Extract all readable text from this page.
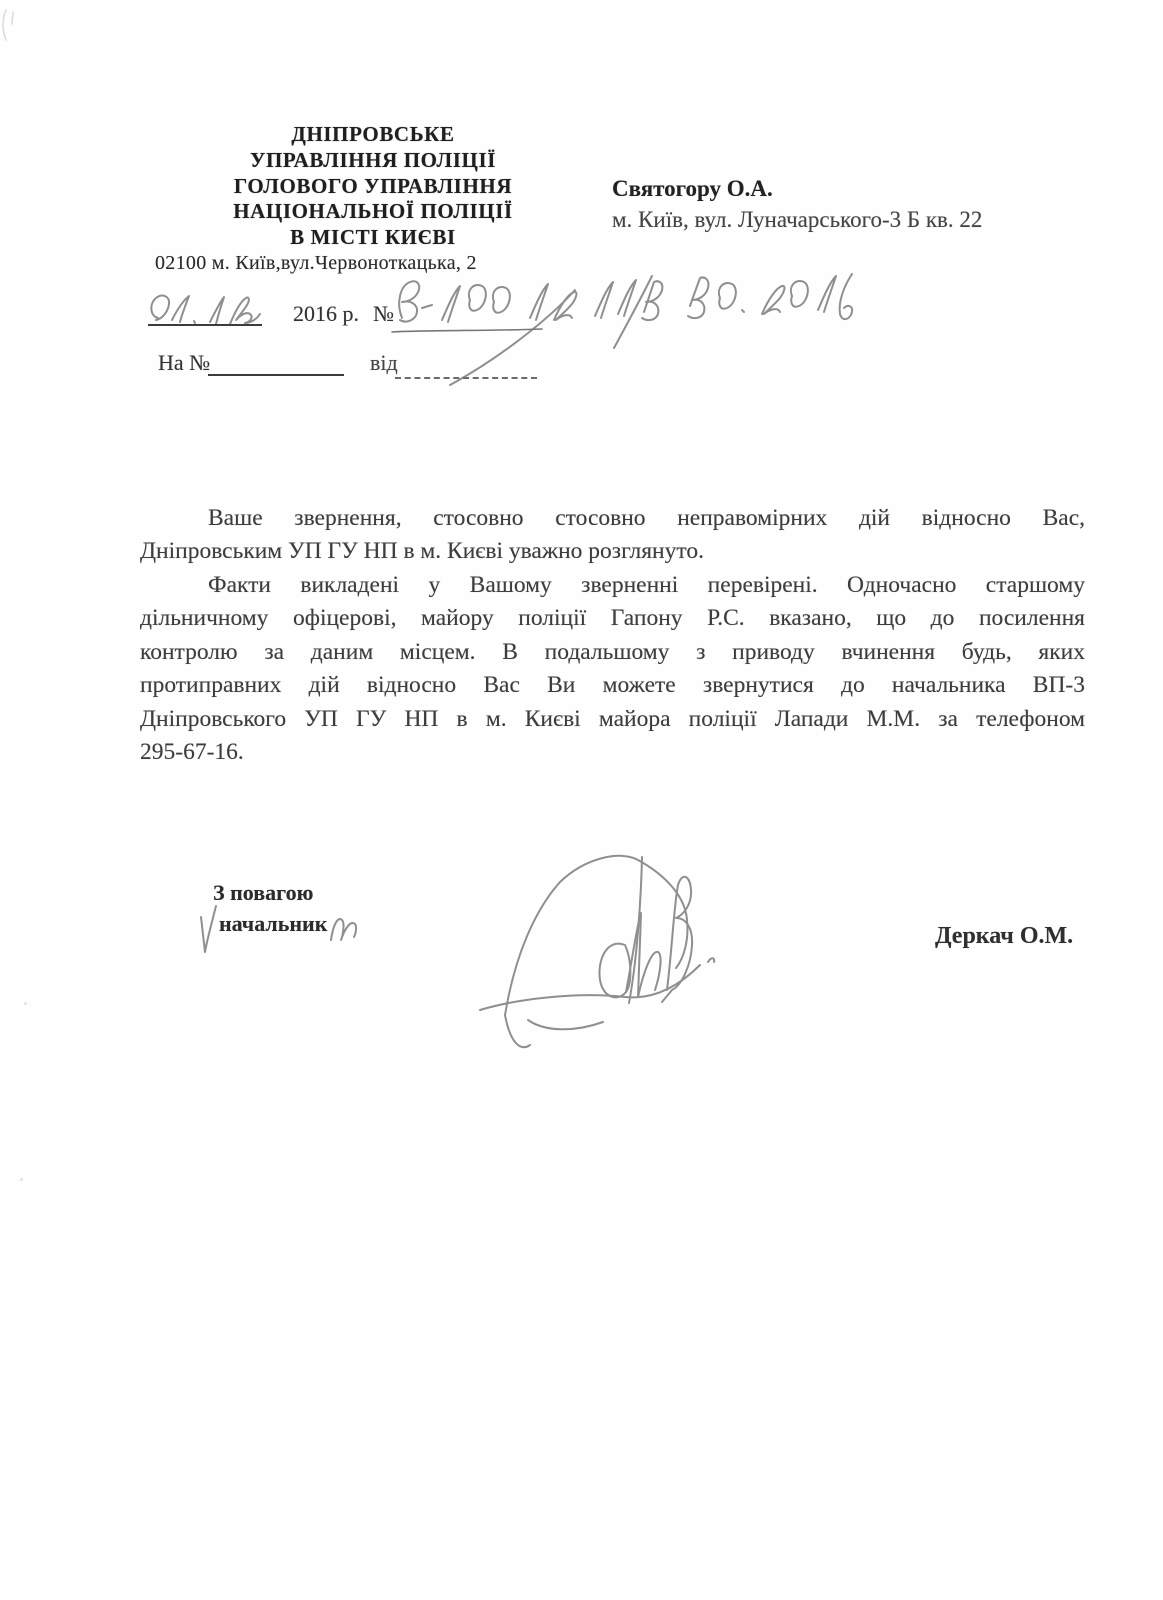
ДНІПРОВСЬКЕ
УПРАВЛІННЯ ПОЛІЦІЇ
ГОЛОВОГО УПРАВЛІННЯ
НАЦІОНАЛЬНОЇ ПОЛІЦІЇ
В МІСТІ КИЄВІ
02100 м. Київ,вул.Червоноткацька, 2
Святогору О.А.
м. Київ, вул. Луначарського-3 Б кв. 22
2016 р. №
На №	від
Ваше звернення, стосовно стосовно неправомірних дій відносно Вас,
Дніпровським УП ГУ НП в м. Києві уважно розглянуто.
Факти викладені у Вашому зверненні перевірені. Одночасно старшому
дільничному офіцерові, майору поліції Гапону Р.С. вказано, що до посилення
контролю за даним місцем. В подальшому з приводу вчинення будь, яких
протиправних дій відносно Вас Ви можете звернутися до начальника ВП-3
Дніпровського УП ГУ НП в м. Києві майора поліції Лапади М.М. за телефоном
295-67-16.
З повагою
начальник	Деркач О.М.
